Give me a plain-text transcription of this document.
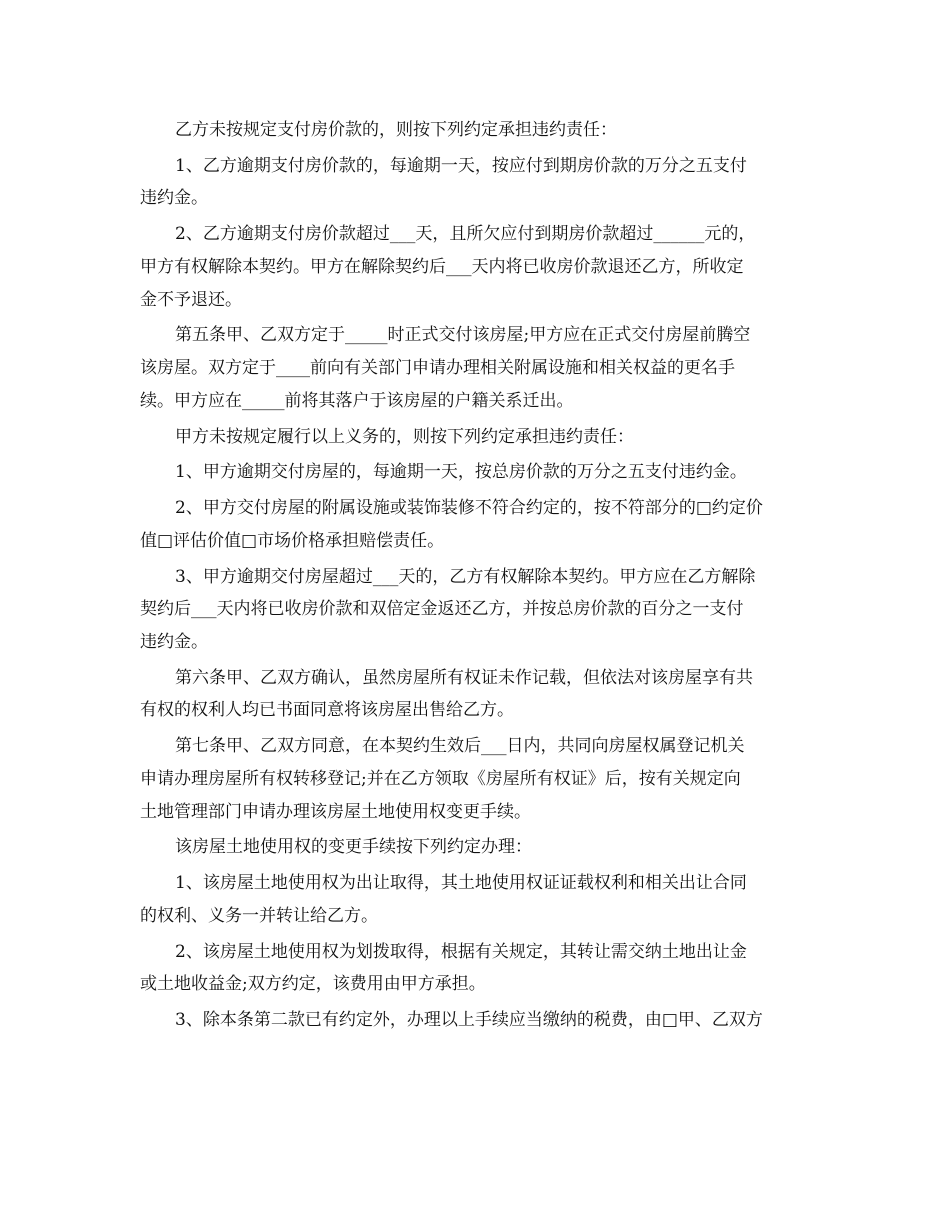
乙方未按规定支付房价款的，则按下列约定承担违约责任：
1、乙方逾期支付房价款的，每逾期一天，按应付到期房价款的万分之五支付
违约金。
2、乙方逾期支付房价款超过___天，且所欠应付到期房价款超过______元的，
甲方有权解除本契约。甲方在解除契约后___天内将已收房价款退还乙方，所收定
金不予退还。
第五条甲、乙双方定于_____时正式交付该房屋;甲方应在正式交付房屋前腾空
该房屋。双方定于____前向有关部门申请办理相关附属设施和相关权益的更名手
续。甲方应在_____前将其落户于该房屋的户籍关系迁出。
甲方未按规定履行以上义务的，则按下列约定承担违约责任：
1、甲方逾期交付房屋的，每逾期一天，按总房价款的万分之五支付违约金。
2、甲方交付房屋的附属设施或装饰装修不符合约定的，按不符部分的□约定价
值□评估价值□市场价格承担赔偿责任。
3、甲方逾期交付房屋超过___天的，乙方有权解除本契约。甲方应在乙方解除
契约后___天内将已收房价款和双倍定金返还乙方，并按总房价款的百分之一支付
违约金。
第六条甲、乙双方确认，虽然房屋所有权证未作记载，但依法对该房屋享有共
有权的权利人均已书面同意将该房屋出售给乙方。
第七条甲、乙双方同意，在本契约生效后___日内，共同向房屋权属登记机关
申请办理房屋所有权转移登记;并在乙方领取《房屋所有权证》后，按有关规定向
土地管理部门申请办理该房屋土地使用权变更手续。
该房屋土地使用权的变更手续按下列约定办理：
1、该房屋土地使用权为出让取得，其土地使用权证证载权利和相关出让合同
的权利、义务一并转让给乙方。
2、该房屋土地使用权为划拨取得，根据有关规定，其转让需交纳土地出让金
或土地收益金;双方约定，该费用由甲方承担。
3、除本条第二款已有约定外，办理以上手续应当缴纳的税费，由□甲、乙双方
